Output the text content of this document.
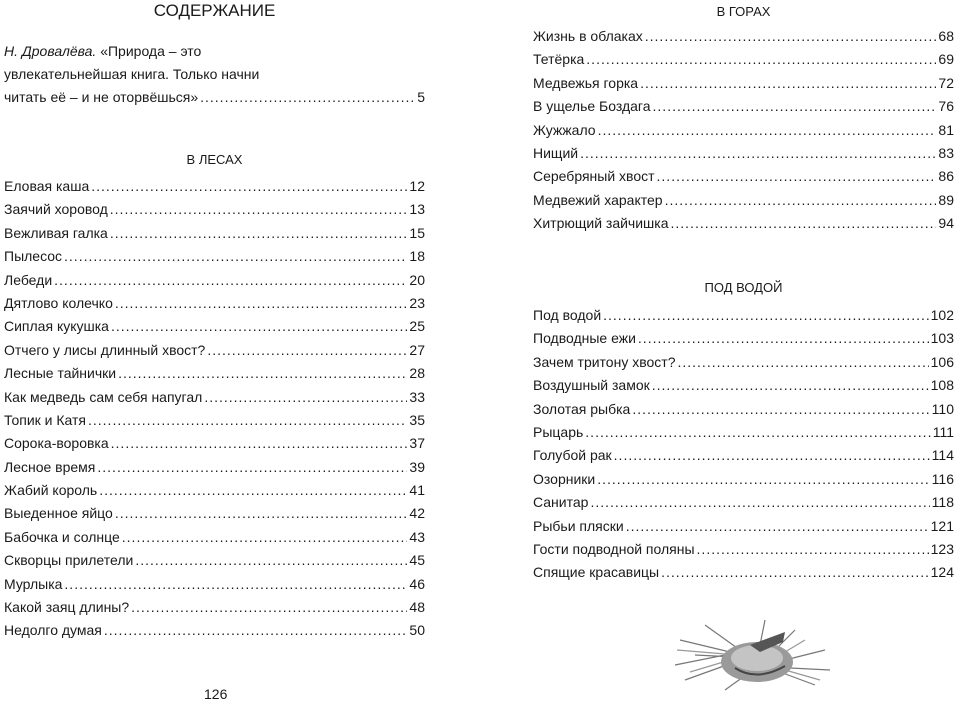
СОДЕРЖАНИЕ
Н. Дровалёва.
«Природа – это
увлекательнейшая книга. Только начни
читать её – и не оторвёшься» .....	5
В ЛЕСАХ
Еловая каша .....	12
Заячий хоровод .....	13
Вежливая галка .....	15
Пылесос .....	18
Лебеди .....	20
Дятлово колечко .....	23
Сиплая кукушка .....	25
Отчего у лисы длинный хвост? .....	27
Лесные тайнички .....	28
Как медведь сам себя напугал .....	33
Топик и Катя .....	35
Сорока-воровка .....	37
Лесное время .....	39
Жабий король .....	41
Выеденное яйцо .....	42
Бабочка и солнце .....	43
Скворцы прилетели .....	45
Мурлыка .....	46
Какой заяц длины? .....	48
Недолго думая .....	50
126
В ГОРАХ
Жизнь в облаках .....	68
Тетёрка .....	69
Медвежья горка .....	72
В ущелье Боздага .....	76
Жужжало .....	81
Нищий .....	83
Серебряный хвост .....	86
Медвежий характер .....	89
Хитрющий зайчишка .....	94
ПОД ВОДОЙ
Под водой .....	102
Подводные ежи .....	103
Зачем тритону хвост? .....	106
Воздушный замок .....	108
Золотая рыбка .....	110
Рыцарь .....	111
Голубой рак .....	114
Озорники .....	116
Санитар .....	118
Рыбьи пляски .....	121
Гости подводной поляны .....	123
Спящие красавицы .....	124
